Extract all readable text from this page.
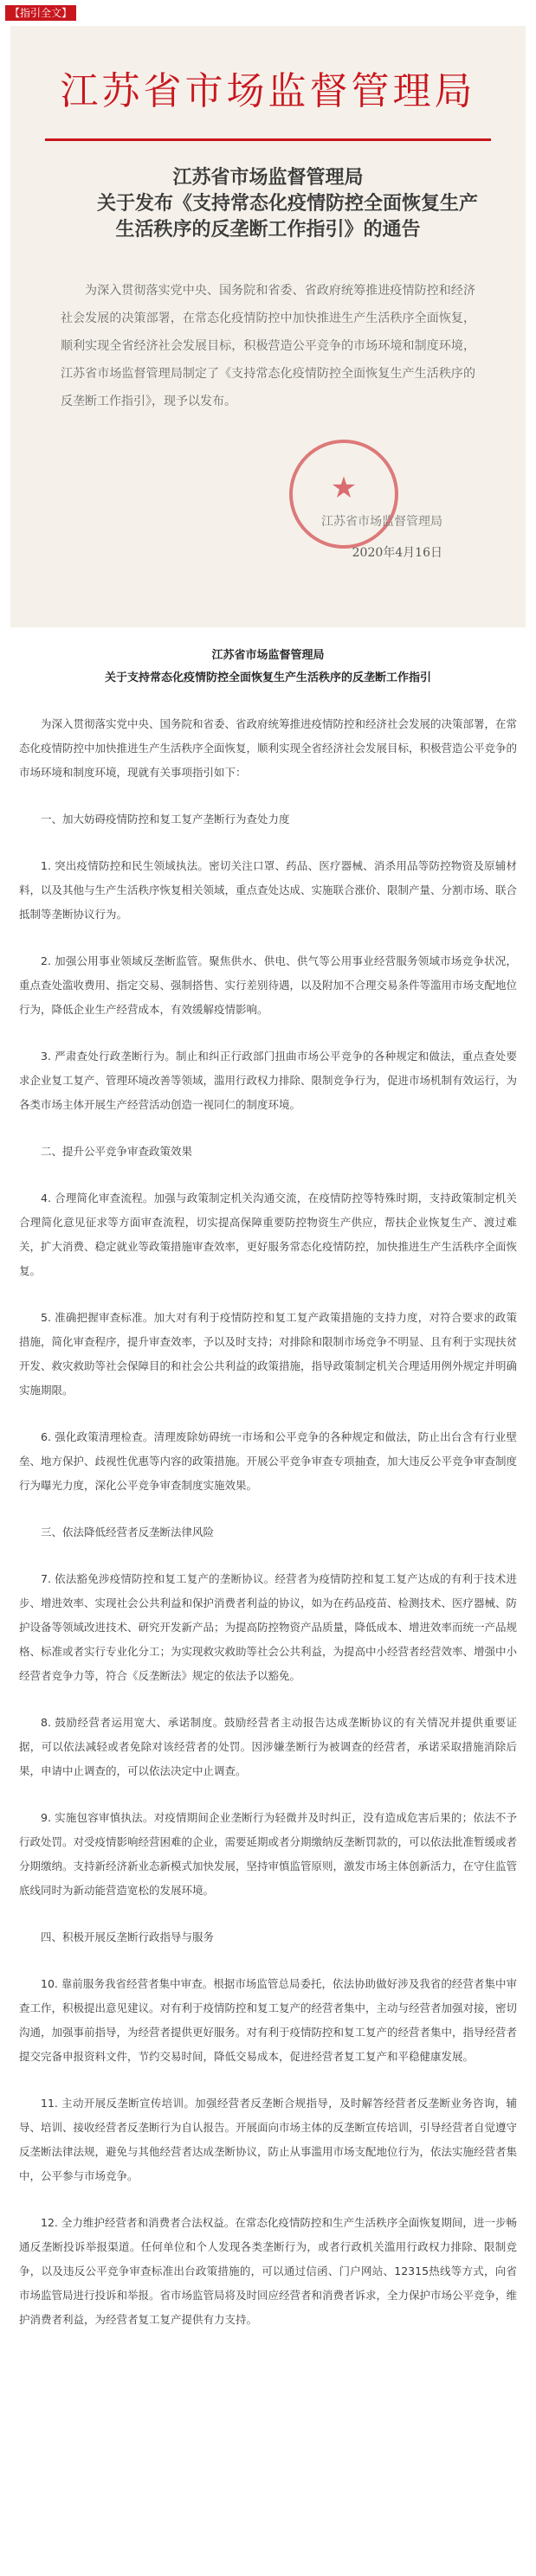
【指引全文】
江苏省市场监督管理局
江苏省市场监督管理局
关于发布《支持常态化疫情防控全面恢复生产
生活秩序的反垄断工作指引》的通告
为深入贯彻落实党中央、国务院和省委、省政府统筹推进疫情防控和经济社会发展的决策部署，在常态化疫情防控中加快推进生产生活秩序全面恢复，顺利实现全省经济社会发展目标，积极营造公平竞争的市场环境和制度环境，江苏省市场监督管理局制定了《支持常态化疫情防控全面恢复生产生活秩序的反垄断工作指引》，现予以发布。
★
江苏省市场监督管理局
2020年4月16日
江苏省市场监督管理局
关于支持常态化疫情防控全面恢复生产生活秩序的反垄断工作指引

为深入贯彻落实党中央、国务院和省委、省政府统筹推进疫情防控和经济社会发展的决策部署，在常态化疫情防控中加快推进生产生活秩序全面恢复，顺利实现全省经济社会发展目标，积极营造公平竞争的市场环境和制度环境，现就有关事项指引如下：

一、加大妨碍疫情防控和复工复产垄断行为查处力度

1. 突出疫情防控和民生领域执法。密切关注口罩、药品、医疗器械、消杀用品等防控物资及原辅材料，以及其他与生产生活秩序恢复相关领域，重点查处达成、实施联合涨价、限制产量、分割市场、联合抵制等垄断协议行为。

2. 加强公用事业领域反垄断监管。聚焦供水、供电、供气等公用事业经营服务领域市场竞争状况，重点查处滥收费用、指定交易、强制搭售、实行差别待遇，以及附加不合理交易条件等滥用市场支配地位行为，降低企业生产经营成本，有效缓解疫情影响。

3. 严肃查处行政垄断行为。制止和纠正行政部门扭曲市场公平竞争的各种规定和做法，重点查处要求企业复工复产、管理环境改善等领域，滥用行政权力排除、限制竞争行为，促进市场机制有效运行，为各类市场主体开展生产经营活动创造一视同仁的制度环境。

二、提升公平竞争审查政策效果

4. 合理简化审查流程。加强与政策制定机关沟通交流，在疫情防控等特殊时期，支持政策制定机关合理简化意见征求等方面审查流程，切实提高保障重要防控物资生产供应，帮扶企业恢复生产、渡过难关，扩大消费、稳定就业等政策措施审查效率，更好服务常态化疫情防控，加快推进生产生活秩序全面恢复。

5. 准确把握审查标准。加大对有利于疫情防控和复工复产政策措施的支持力度，对符合要求的政策措施，简化审查程序，提升审查效率，予以及时支持；对排除和限制市场竞争不明显、且有利于实现扶贫开发、救灾救助等社会保障目的和社会公共利益的政策措施，指导政策制定机关合理适用例外规定并明确实施期限。

6. 强化政策清理检查。清理废除妨碍统一市场和公平竞争的各种规定和做法，防止出台含有行业壁垒、地方保护、歧视性优惠等内容的政策措施。开展公平竞争审查专项抽查，加大违反公平竞争审查制度行为曝光力度，深化公平竞争审查制度实施效果。

三、依法降低经营者反垄断法律风险

7. 依法豁免涉疫情防控和复工复产的垄断协议。经营者为疫情防控和复工复产达成的有利于技术进步、增进效率、实现社会公共利益和保护消费者利益的协议，如为在药品疫苗、检测技术、医疗器械、防护设备等领域改进技术、研究开发新产品；为提高防控物资产品质量，降低成本、增进效率而统一产品规格、标准或者实行专业化分工；为实现救灾救助等社会公共利益，为提高中小经营者经营效率、增强中小经营者竞争力等，符合《反垄断法》规定的依法予以豁免。

8. 鼓励经营者运用宽大、承诺制度。鼓励经营者主动报告达成垄断协议的有关情况并提供重要证据，可以依法减轻或者免除对该经营者的处罚。因涉嫌垄断行为被调查的经营者，承诺采取措施消除后果，申请中止调查的，可以依法决定中止调查。

9. 实施包容审慎执法。对疫情期间企业垄断行为轻微并及时纠正，没有造成危害后果的；依法不予行政处罚。对受疫情影响经营困难的企业，需要延期或者分期缴纳反垄断罚款的，可以依法批准暂缓或者分期缴纳。支持新经济新业态新模式加快发展，坚持审慎监管原则，激发市场主体创新活力，在守住监管底线同时为新动能营造宽松的发展环境。

四、积极开展反垄断行政指导与服务

10. 靠前服务我省经营者集中审查。根据市场监管总局委托，依法协助做好涉及我省的经营者集中审查工作，积极提出意见建议。对有利于疫情防控和复工复产的经营者集中，主动与经营者加强对接，密切沟通，加强事前指导，为经营者提供更好服务。对有利于疫情防控和复工复产的经营者集中，指导经营者提交完备申报资料文件，节约交易时间，降低交易成本，促进经营者复工复产和平稳健康发展。

11. 主动开展反垄断宣传培训。加强经营者反垄断合规指导，及时解答经营者反垄断业务咨询，辅导、培训、接收经营者反垄断行为自认报告。开展面向市场主体的反垄断宣传培训，引导经营者自觉遵守反垄断法律法规，避免与其他经营者达成垄断协议，防止从事滥用市场支配地位行为，依法实施经营者集中，公平参与市场竞争。

12. 全力维护经营者和消费者合法权益。在常态化疫情防控和生产生活秩序全面恢复期间，进一步畅通反垄断投诉举报渠道。任何单位和个人发现各类垄断行为，或者行政机关滥用行政权力排除、限制竞争，以及违反公平竞争审查标准出台政策措施的，可以通过信函、门户网站、12315热线等方式，向省市场监管局进行投诉和举报。省市场监管局将及时回应经营者和消费者诉求，全力保护市场公平竞争，维护消费者利益，为经营者复工复产提供有力支持。
